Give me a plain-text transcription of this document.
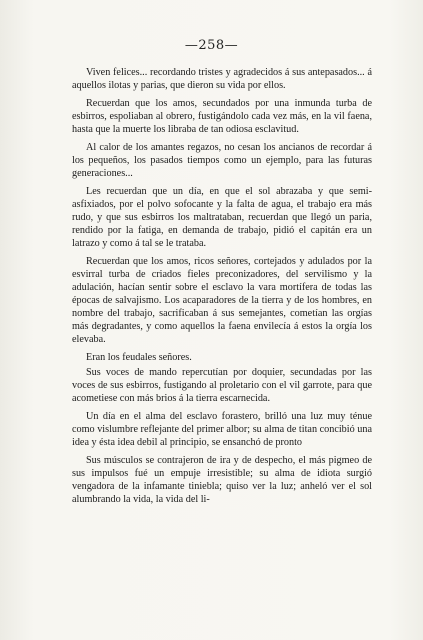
—258—

Viven felices... recordando tristes y agradecidos á sus antepasados... á aquellos ilotas y parias, que dieron su vida por ellos.

Recuerdan que los amos, secundados por una inmunda turba de esbirros, espoliaban al obrero, fustigándolo cada vez más, en la vil faena, hasta que la muerte los libraba de tan odiosa esclavitud.

Al calor de los amantes regazos, no cesan los ancianos de recordar á los pequeños, los pasados tiempos como un ejemplo, para las futuras generaciones...

Les recuerdan que un día, en que el sol abrazaba y que semi-asfixiados, por el polvo sofocante y la falta de agua, el trabajo era más rudo, y que sus esbirros los maltrataban, recuerdan que llegó un paria, rendido por la fatiga, en demanda de trabajo, pidió el capitán era un latrazo y como á tal se le trataba.

Recuerdan que los amos, ricos señores, cortejados y adulados por la esvirral turba de criados fieles preconizadores, del servilismo y la adulación, hacían sentir sobre el esclavo la vara mortífera de todas las épocas de salvajismo. Los acaparadores de la tierra y de los hombres, en nombre del trabajo, sacrificaban á sus semejantes, cometían las orgías más degradantes, y como aquellos la faena envilecía á estos la orgía los elevaba.

Eran los feudales señores.

Sus voces de mando repercutían por doquier, secundadas por las voces de sus esbirros, fustigando al proletario con el vil garrote, para que acometiese con más brios á la tierra escarnecida.

Un día en el alma del esclavo forastero, brilló una luz muy ténue como vislumbre reflejante del primer albor; su alma de titan concibió una idea y ésta idea debil al principio, se ensanchó de pronto

Sus músculos se contrajeron de ira y de despecho, el más pigmeo de sus impulsos fué un empuje irresistible; su alma de idiota surgió vengadora de la infamante tiniebla; quiso ver la luz; anheló ver el sol alumbrando la vida, la vida del li-
